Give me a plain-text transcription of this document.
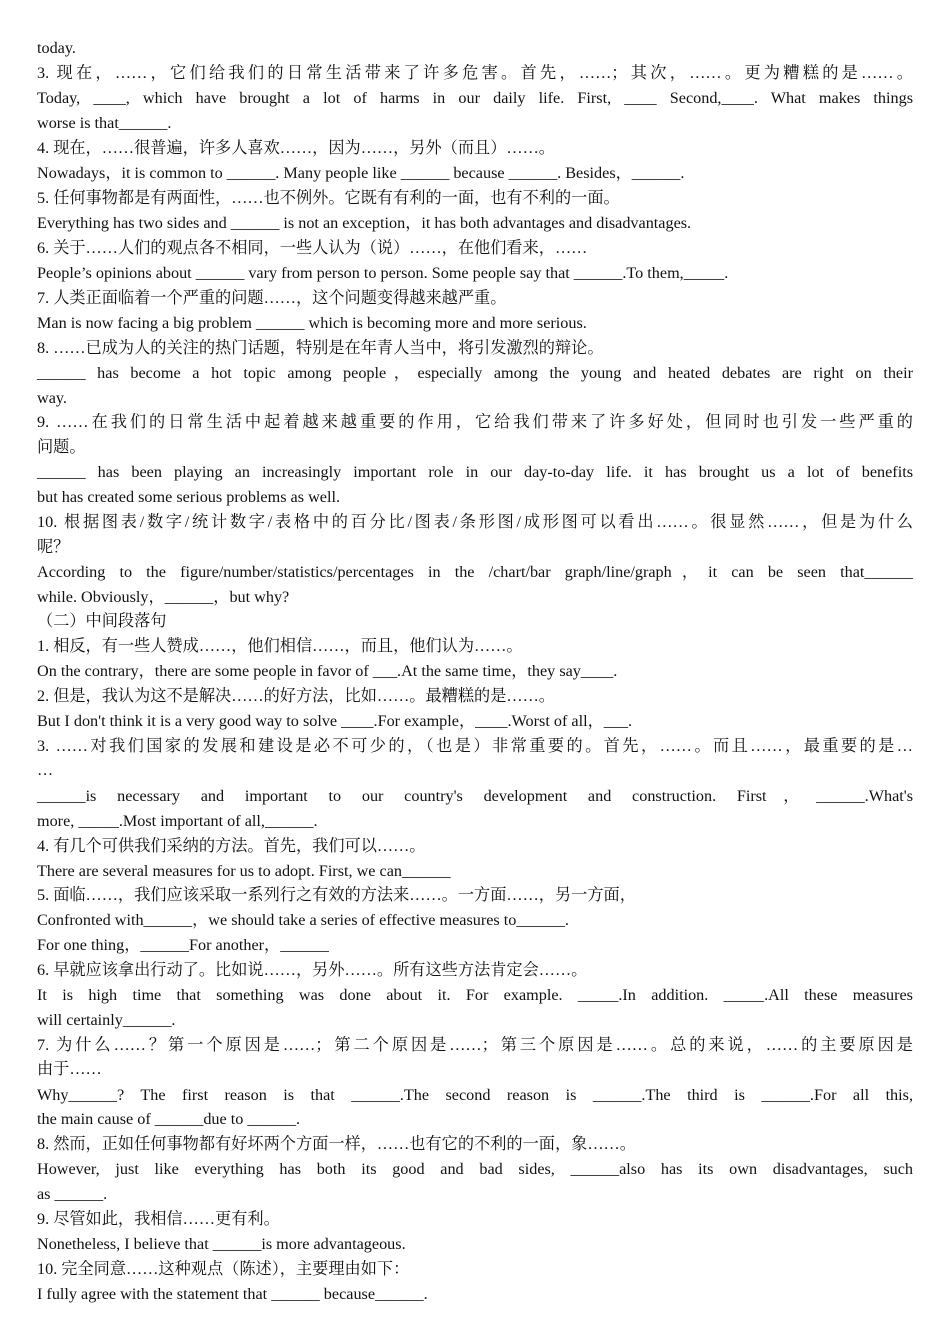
today.
3. 现在，……，它们给我们的日常生活带来了许多危害。首先，……；其次，……。更为糟糕的是……。
Today, ____, which have brought a lot of harms in our daily life. First, ____ Second,____. What makes things
worse is that______.
4. 现在，……很普遍，许多人喜欢……，因为……，另外（而且）……。
Nowadays，it is common to ______. Many people like ______ because ______. Besides，______.
5. 任何事物都是有两面性，……也不例外。它既有有利的一面，也有不利的一面。
Everything has two sides and ______ is not an exception，it has both advantages and disadvantages.
6. 关于……人们的观点各不相同，一些人认为（说）……，在他们看来，……
People’s opinions about ______ vary from person to person. Some people say that ______.To them,_____.
7. 人类正面临着一个严重的问题……，这个问题变得越来越严重。
Man is now facing a big problem ______ which is becoming more and more serious.
8. ……已成为人的关注的热门话题，特别是在年青人当中，将引发激烈的辩论。
______ has become a hot topic among people，especially among the young and heated debates are right on their
way.
9. ……在我们的日常生活中起着越来越重要的作用，它给我们带来了许多好处，但同时也引发一些严重的
问题。
______ has been playing an increasingly important role in our day-to-day life. it has brought us a lot of benefits
but has created some serious problems as well.
10. 根据图表/数字/统计数字/表格中的百分比/图表/条形图/成形图可以看出……。很显然……，但是为什么
呢？
According to the figure/number/statistics/percentages in the /chart/bar graph/line/graph，it can be seen that______
while. Obviously，______，but why?
（二）中间段落句
1. 相反，有一些人赞成……，他们相信……，而且，他们认为……。
On the contrary，there are some people in favor of ___.At the same time，they say____.
2. 但是，我认为这不是解决……的好方法，比如……。最糟糕的是……。
But I don't think it is a very good way to solve ____.For example，____.Worst of all，___.
3. ……对我们国家的发展和建设是必不可少的，（也是）非常重要的。首先，……。而且……，最重要的是…
…
______is necessary and important to our country's development and construction. First，______.What's
more, _____.Most important of all,______.
4. 有几个可供我们采纳的方法。首先，我们可以……。
There are several measures for us to adopt. First, we can______
5. 面临……，我们应该采取一系列行之有效的方法来……。一方面……，另一方面，
Confronted with______，we should take a series of effective measures to______.
For one thing，______For another，______
6. 早就应该拿出行动了。比如说……，另外……。所有这些方法肯定会……。
It is high time that something was done about it. For example. _____.In addition. _____.All these measures
will certainly______.
7. 为什么……？第一个原因是……；第二个原因是……；第三个原因是……。总的来说，……的主要原因是
由于……
Why______? The first reason is that ______.The second reason is ______.The third is ______.For all this,
the main cause of ______due to ______.
8. 然而，正如任何事物都有好坏两个方面一样，……也有它的不利的一面，象……。
However, just like everything has both its good and bad sides, ______also has its own disadvantages, such
as ______.
9. 尽管如此，我相信……更有利。
Nonetheless, I believe that ______is more advantageous.
10. 完全同意……这种观点（陈述），主要理由如下：
I fully agree with the statement that ______ because______.
